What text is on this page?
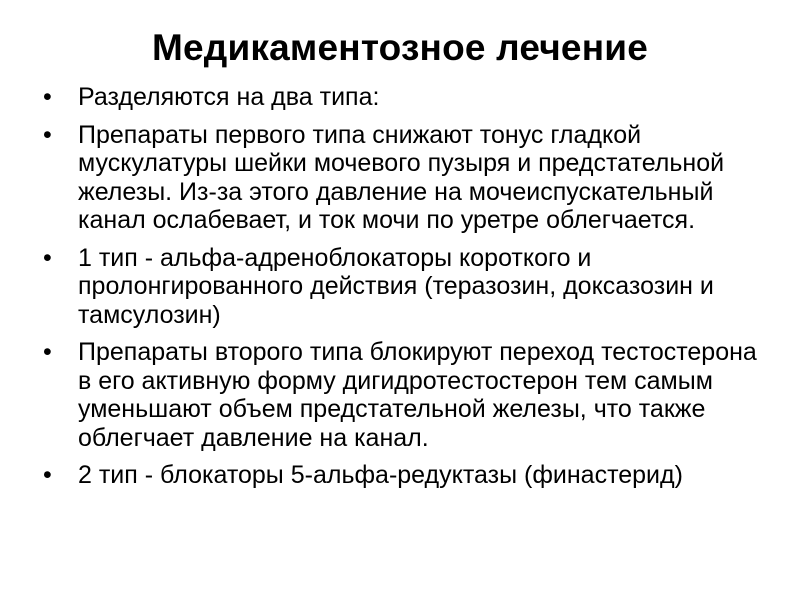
Медикаментозное лечение
• Разделяются на два типа:
• Препараты первого типа снижают тонус гладкой мускулатуры шейки мочевого пузыря и предстательной железы. Из-за этого давление на мочеиспускательный канал ослабевает, и ток мочи по уретре облегчается.
• 1 тип - альфа-адреноблокаторы короткого и пролонгированного действия (теразозин, доксазозин и тамсулозин)
• Препараты второго типа блокируют переход тестостерона в его активную форму дигидротестостерон тем самым уменьшают объем предстательной железы, что также облегчает давление на канал.
• 2 тип - блокаторы 5-альфа-редуктазы (финастерид)
